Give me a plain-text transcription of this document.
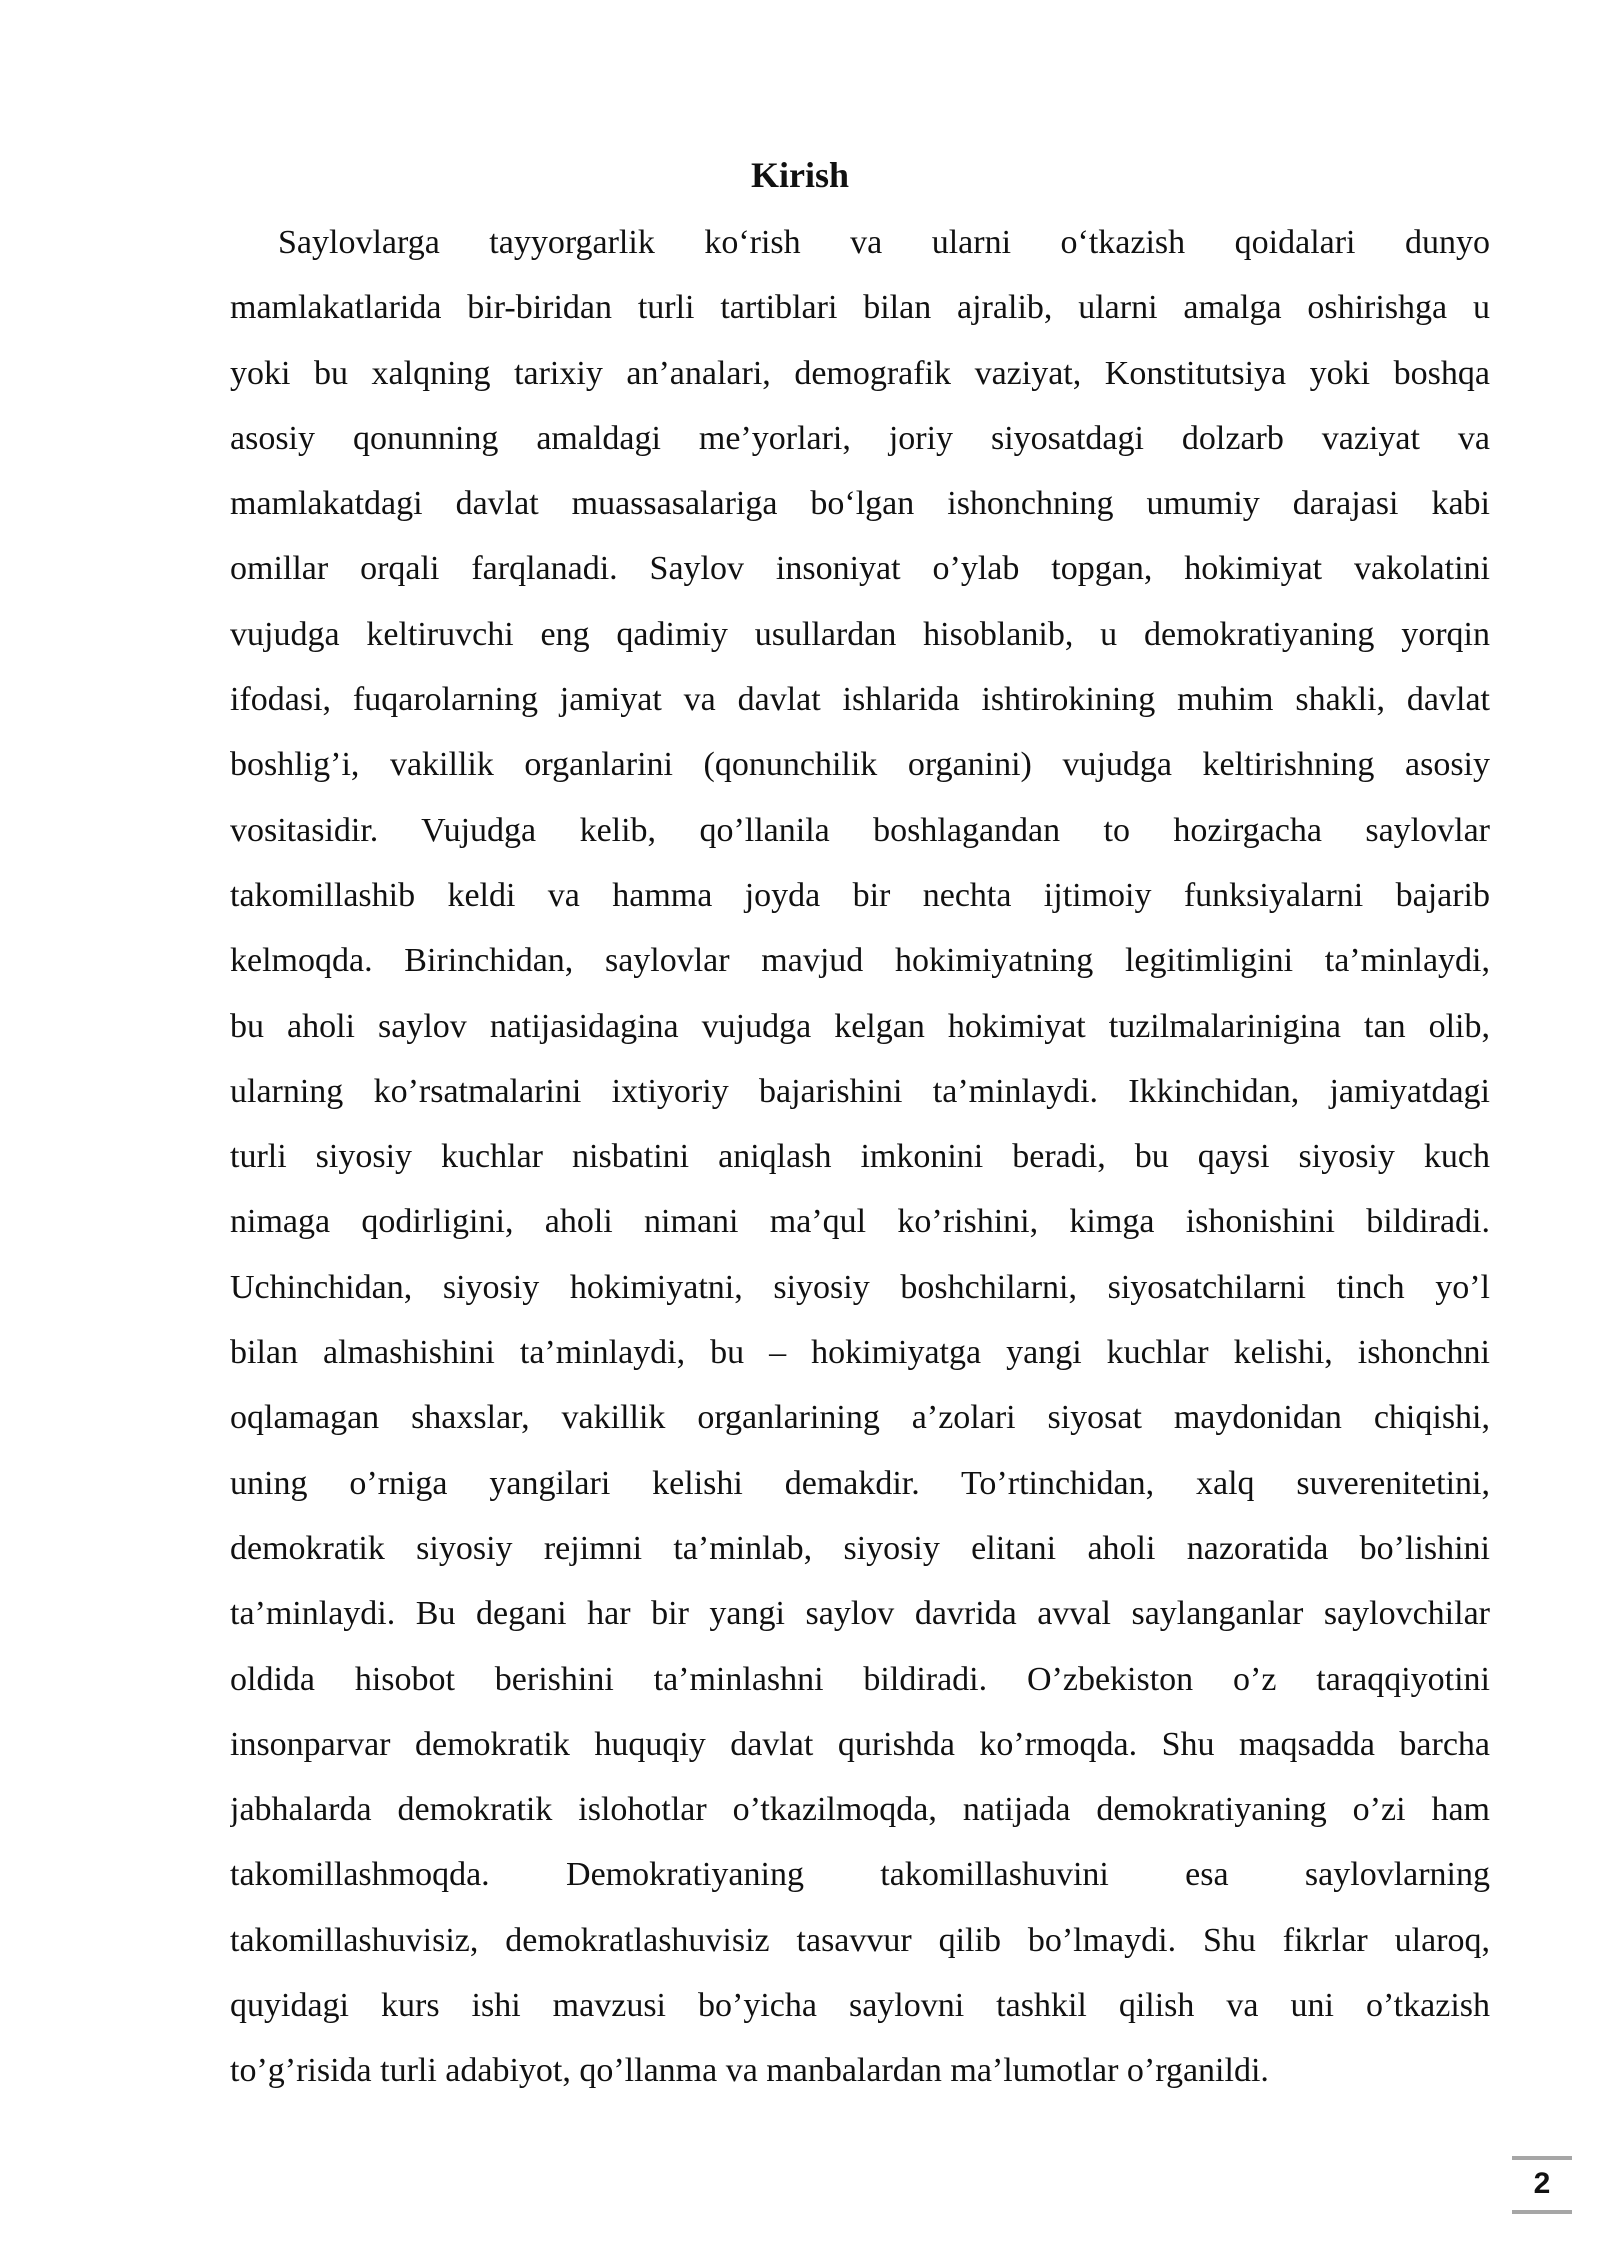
Kirish
Saylovlarga tayyorgarlik ko‘rish va ularni o‘tkazish qoidalari dunyo
mamlakatlarida bir-biridan turli tartiblari bilan ajralib, ularni amalga oshirishga u
yoki bu xalqning tarixiy an’analari, demografik vaziyat, Konstitutsiya yoki boshqa
asosiy qonunning amaldagi me’yorlari, joriy siyosatdagi dolzarb vaziyat va
mamlakatdagi davlat muassasalariga bo‘lgan ishonchning umumiy darajasi kabi
omillar orqali farqlanadi. Saylov insoniyat o’ylab topgan, hokimiyat vakolatini
vujudga keltiruvchi eng qadimiy usullardan hisoblanib, u demokratiyaning yorqin
ifodasi, fuqarolarning jamiyat va davlat ishlarida ishtirokining muhim shakli, davlat
boshlig’i, vakillik organlarini (qonunchilik organini) vujudga keltirishning asosiy
vositasidir. Vujudga kelib, qo’llanila boshlagandan to hozirgacha saylovlar
takomillashib keldi va hamma joyda bir nechta ijtimoiy funksiyalarni bajarib
kelmoqda. Birinchidan, saylovlar mavjud hokimiyatning legitimligini ta’minlaydi,
bu aholi saylov natijasidagina vujudga kelgan hokimiyat tuzilmalarinigina tan olib,
ularning ko’rsatmalarini ixtiyoriy bajarishini ta’minlaydi. Ikkinchidan, jamiyatdagi
turli siyosiy kuchlar nisbatini aniqlash imkonini beradi, bu qaysi siyosiy kuch
nimaga qodirligini, aholi nimani ma’qul ko’rishini, kimga ishonishini bildiradi.
Uchinchidan, siyosiy hokimiyatni, siyosiy boshchilarni, siyosatchilarni tinch yo’l
bilan almashishini ta’minlaydi, bu – hokimiyatga yangi kuchlar kelishi, ishonchni
oqlamagan shaxslar, vakillik organlarining a’zolari siyosat maydonidan chiqishi,
uning o’rniga yangilari kelishi demakdir. To’rtinchidan, xalq suverenitetini,
demokratik siyosiy rejimni ta’minlab, siyosiy elitani aholi nazoratida bo’lishini
ta’minlaydi. Bu degani har bir yangi saylov davrida avval saylanganlar saylovchilar
oldida hisobot berishini ta’minlashni bildiradi. O’zbekiston o’z taraqqiyotini
insonparvar demokratik huquqiy davlat qurishda ko’rmoqda. Shu maqsadda barcha
jabhalarda demokratik islohotlar o’tkazilmoqda, natijada demokratiyaning o’zi ham
takomillashmoqda. Demokratiyaning takomillashuvini esa saylovlarning
takomillashuvisiz, demokratlashuvisiz tasavvur qilib bo’lmaydi. Shu fikrlar ularoq,
quyidagi kurs ishi mavzusi bo’yicha saylovni tashkil qilish va uni o’tkazish
to’g’risida turli adabiyot, qo’llanma va manbalardan ma’lumotlar o’rganildi.
2
